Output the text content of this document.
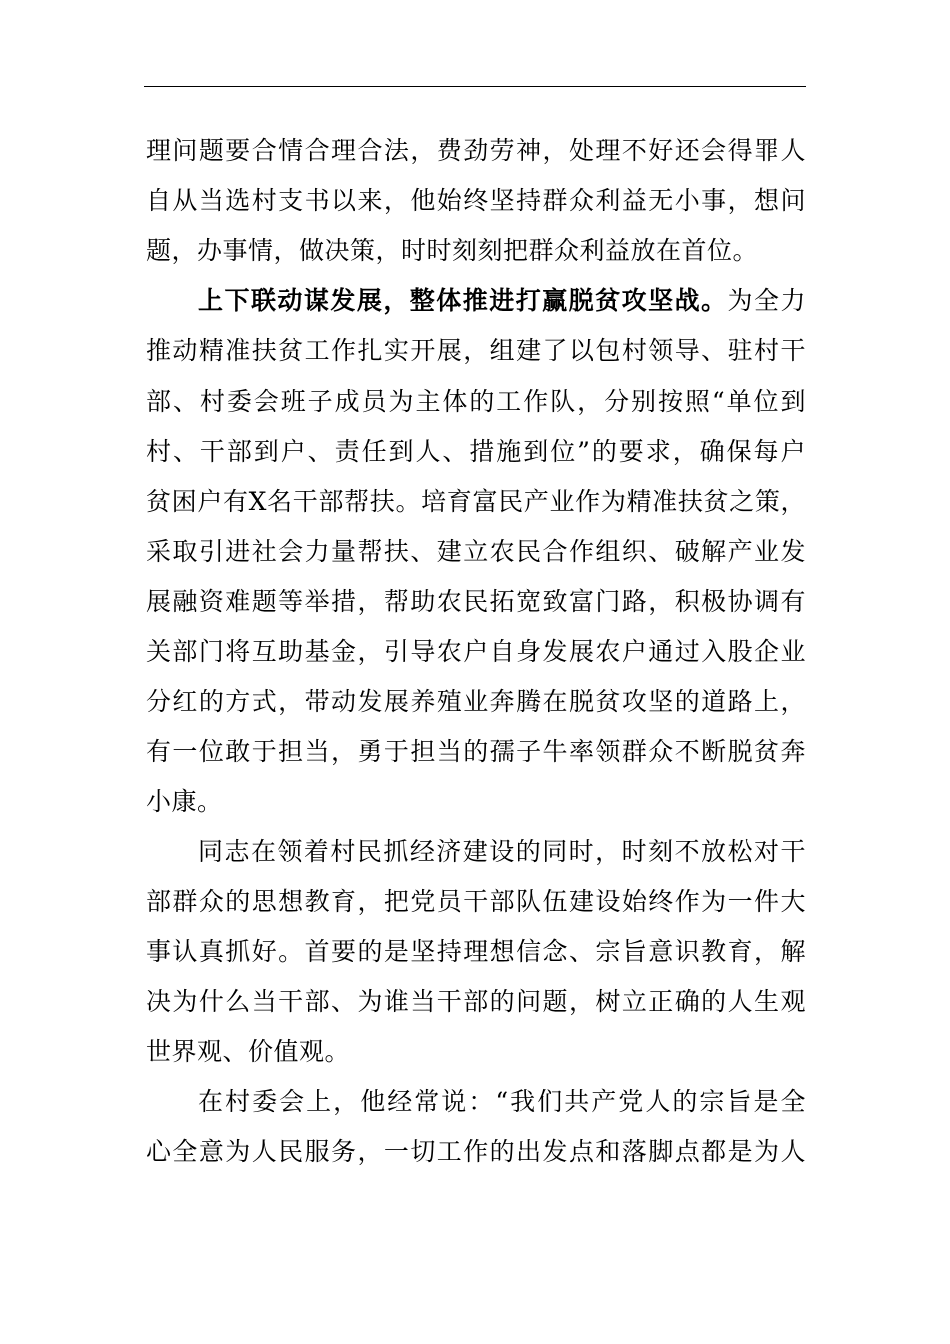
理问题要合情合理合法，费劲劳神，处理不好还会得罪人
自从当选村支书以来，他始终坚持群众利益无小事，想问
题，办事情，做决策，时时刻刻把群众利益放在首位。
上下联动谋发展，整体推进打赢脱贫攻坚战。为全力
推动精准扶贫工作扎实开展，组建了以包村领导、驻村干
部、村委会班子成员为主体的工作队，分别按照“单位到
村、干部到户、责任到人、措施到位”的要求，确保每户
贫困户有X名干部帮扶。培育富民产业作为精准扶贫之策，
采取引进社会力量帮扶、建立农民合作组织、破解产业发
展融资难题等举措，帮助农民拓宽致富门路，积极协调有
关部门将互助基金，引导农户自身发展农户通过入股企业
分红的方式，带动发展养殖业奔腾在脱贫攻坚的道路上，
有一位敢于担当，勇于担当的孺子牛率领群众不断脱贫奔
小康。
同志在领着村民抓经济建设的同时，时刻不放松对干
部群众的思想教育，把党员干部队伍建设始终作为一件大
事认真抓好。首要的是坚持理想信念、宗旨意识教育，解
决为什么当干部、为谁当干部的问题，树立正确的人生观
世界观、价值观。
在村委会上，他经常说：“我们共产党人的宗旨是全
心全意为人民服务，一切工作的出发点和落脚点都是为人
